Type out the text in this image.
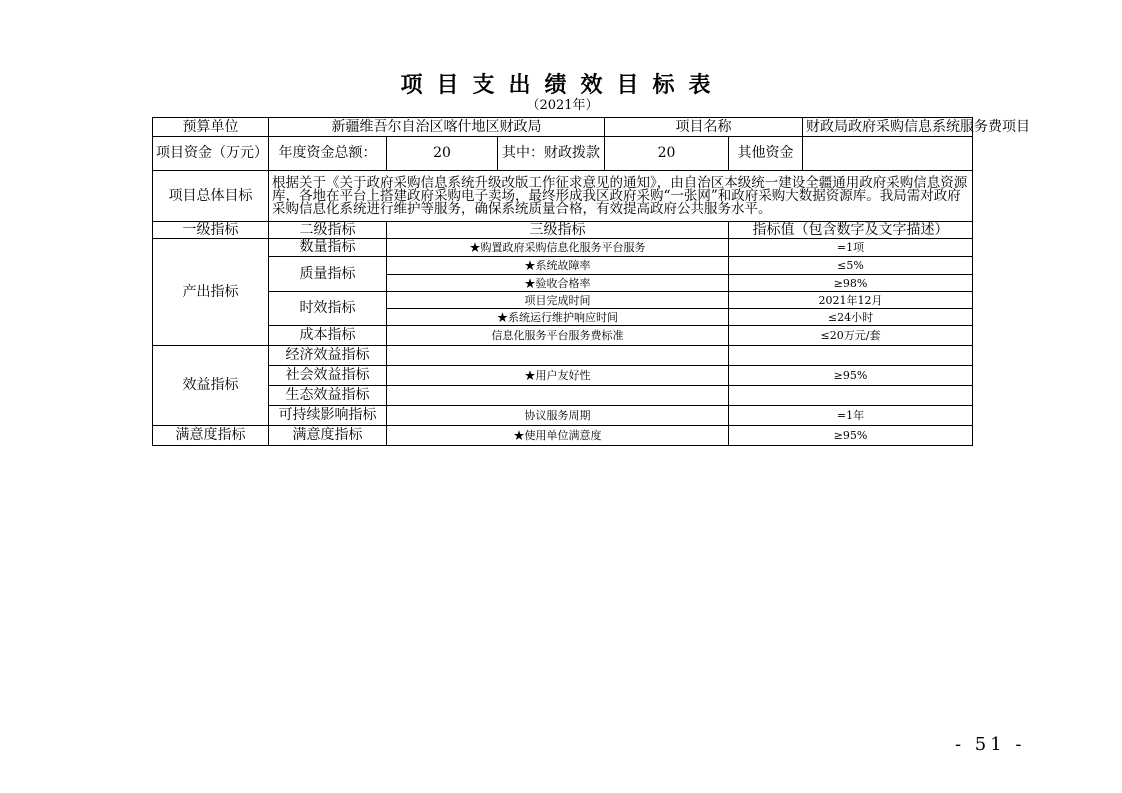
项目支出绩效目标表
（2021年）
预算单位	新疆维吾尔自治区喀什地区财政局			项目名称		财政局政府采购信息系统服务费项目
项目资金（万元）	年度资金总额：	20	其中：财政拨款	20	其他资金	
项目总体目标	根据关于《关于政府采购信息系统升级改版工作征求意见的通知》，由自治区本级统一建设全疆通用政府采购信息资源库，各地在平台上搭建政府采购电子卖场，最终形成我区政府采购“一张网”和政府采购大数据资源库。我局需对政府采购信息化系统进行维护等服务，确保系统质量合格，有效提高政府公共服务水平。					
一级指标	二级指标	三级指标			指标值（包含数字及文字描述）	
产出指标	数量指标	★购置政府采购信息化服务平台服务			=1项	
	质量指标	★系统故障率			≤5%	
		★验收合格率			≥98%	
	时效指标	项目完成时间			2021年12月	
		★系统运行维护响应时间			≤24小时	
	成本指标	信息化服务平台服务费标准			≤20万元/套	
效益指标	经济效益指标					
	社会效益指标	★用户友好性			≥95%	
	生态效益指标					
	可持续影响指标	协议服务周期			=1年	
满意度指标	满意度指标	★使用单位满意度			≥95%	
- 51 -
